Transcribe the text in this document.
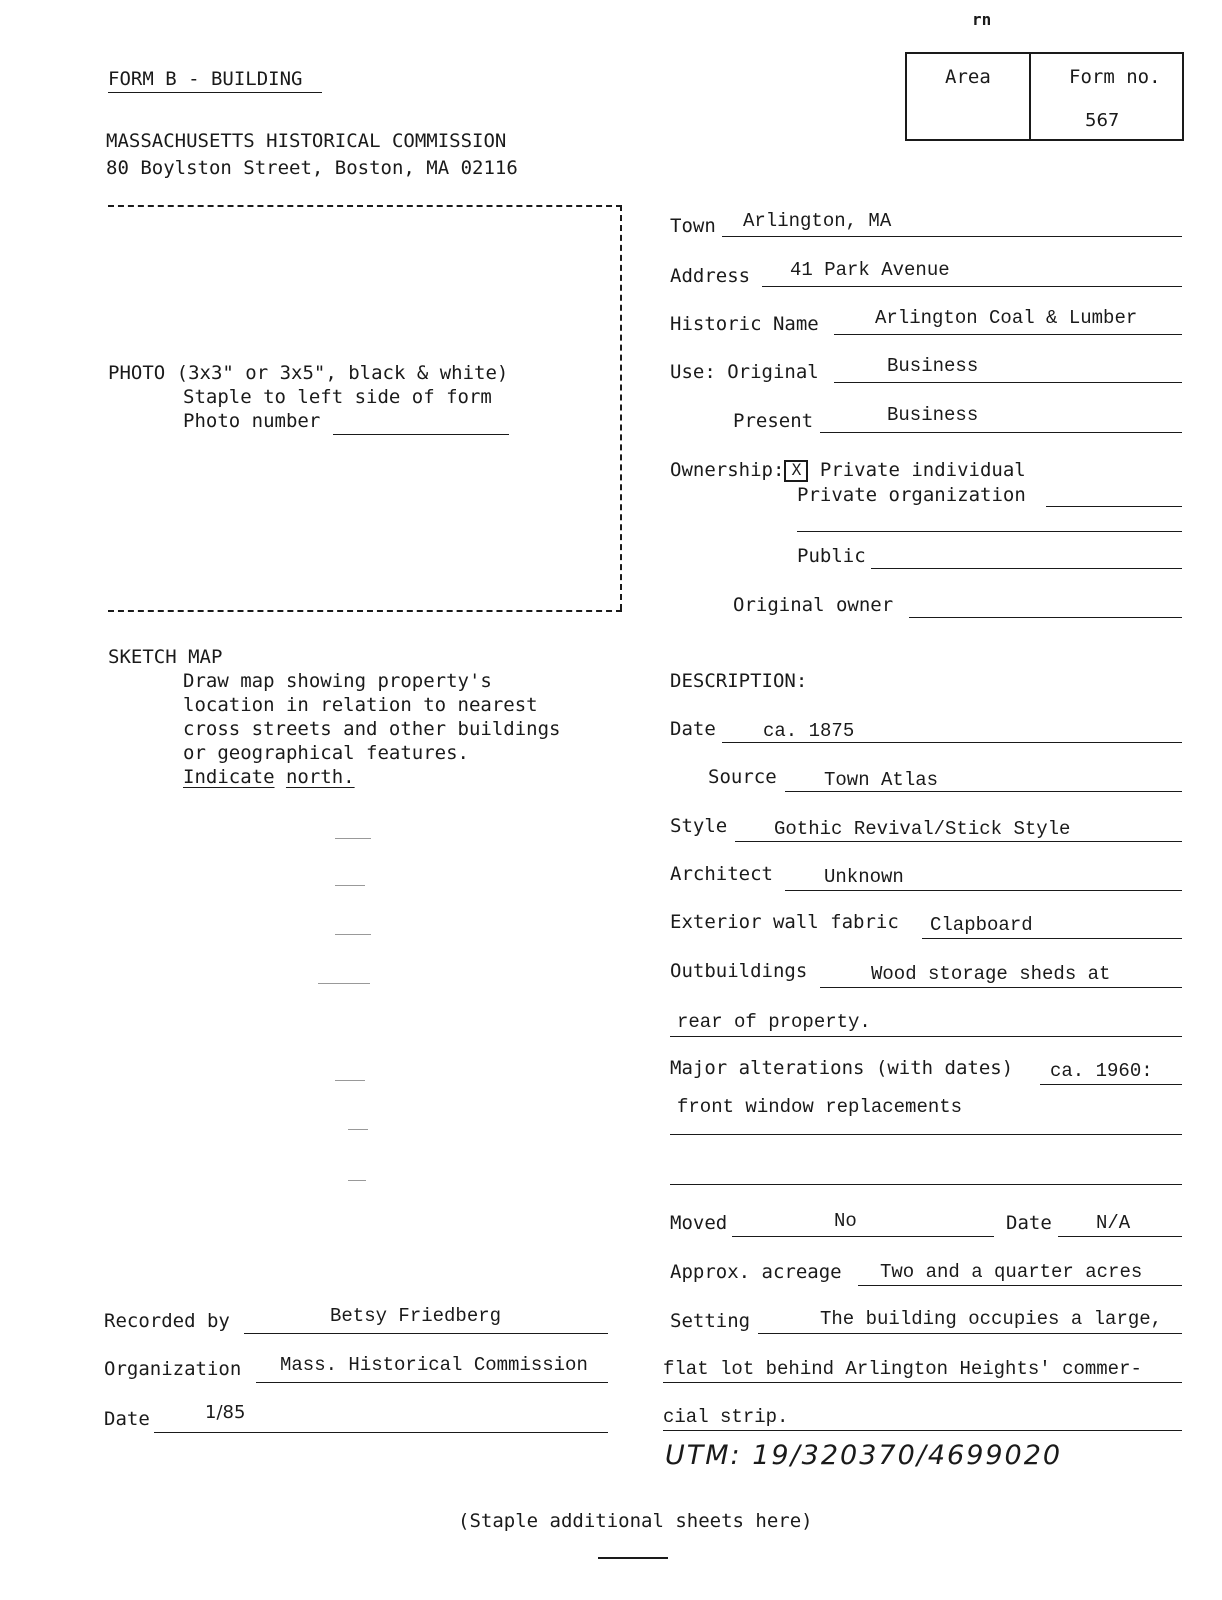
rn
FORM B - BUILDING
MASSACHUSETTS HISTORICAL COMMISSION
80 Boylston Street, Boston, MA 02116
Area	Form no.
567
PHOTO (3x3" or 3x5", black & white)
Staple to left side of form
Photo number
SKETCH MAP
Draw map showing property's
location in relation to nearest
cross streets and other buildings
or geographical features.
Indicate north.
Town Arlington, MA
Address 41 Park Avenue
Historic Name	Arlington Coal & Lumber
Use: Original	Business
Present	Business
Ownership: X Private individual
Private organization
Public
Original owner
DESCRIPTION:
Date ca. 1875
Source Town Atlas
Style Gothic Revival/Stick Style
Architect	Unknown
Exterior wall fabric Clapboard
Outbuildings	Wood storage sheds at
rear of property.
Major alterations (with dates) ca. 1960:
front window replacements
Moved	No	Date N/A
Approx. acreage Two and a quarter acres
Setting	The building occupies a large,
flat lot behind Arlington Heights' commer-
cial strip.
UTM: 19/320370/4699020
Recorded by	Betsy Friedberg
Organization Mass. Historical Commission
Date	1/85
(Staple additional sheets here)
